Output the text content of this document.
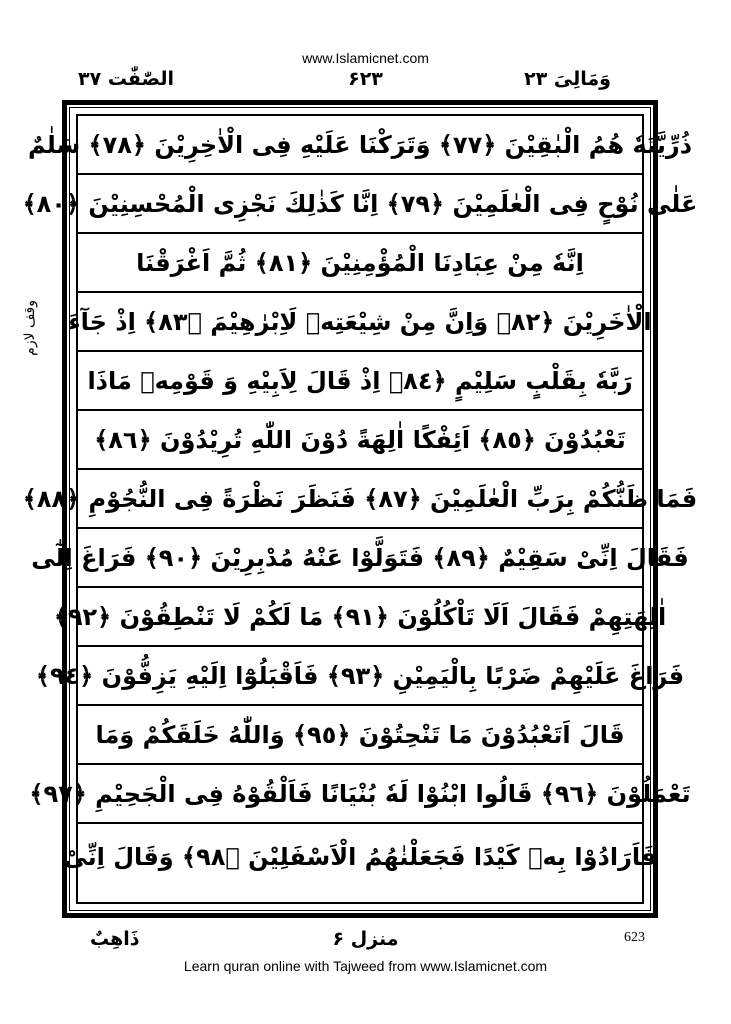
www.Islamicnet.com
الصّٰفّٰت ۳۷	۶۲۳	وَمَالِىَ ۲۳
ذُرِّيَّتَهٗ هُمُ الْبٰقِيْنَ ﴿٧٧﴾ وَتَرَكْنَا عَلَيْهِ فِى الْاٰخِرِيْنَ ﴿٧٨﴾ سَلٰمٌ
عَلٰى نُوْحٍ فِى الْعٰلَمِيْنَ ﴿٧٩﴾ اِنَّا كَذٰلِكَ نَجْزِى الْمُحْسِنِيْنَ ﴿٨٠﴾
اِنَّهٗ مِنْ عِبَادِنَا الْمُؤْمِنِيْنَ ﴿٨١﴾ ثُمَّ اَغْرَقْنَا
الْاٰخَرِيْنَ ﴿٨٢﴾ وَاِنَّ مِنْ شِيْعَتِهٖ لَاِبْرٰهِيْمَ ﴿٨٣﴾ اِذْ جَآءَ
رَبَّهٗ بِقَلْبٍ سَلِيْمٍ ﴿٨٤﴾ اِذْ قَالَ لِاَبِيْهِ وَ قَوْمِهٖ مَاذَا
تَعْبُدُوْنَ ﴿٨٥﴾ اَئِفْكًا اٰلِهَةً دُوْنَ اللّٰهِ تُرِيْدُوْنَ ﴿٨٦﴾
فَمَا ظَنُّكُمْ بِرَبِّ الْعٰلَمِيْنَ ﴿٨٧﴾ فَنَظَرَ نَظْرَةً فِى النُّجُوْمِ ﴿٨٨﴾
فَقَالَ اِنِّىْ سَقِيْمٌ ﴿٨٩﴾ فَتَوَلَّوْا عَنْهُ مُدْبِرِيْنَ ﴿٩٠﴾ فَرَاغَ اِلٰٓى
اٰلِهَتِهِمْ فَقَالَ اَلَا تَاْكُلُوْنَ ﴿٩١﴾ مَا لَكُمْ لَا تَنْطِقُوْنَ ﴿٩٢﴾
فَرَاغَ عَلَيْهِمْ ضَرْبًا بِالْيَمِيْنِ ﴿٩٣﴾ فَاَقْبَلُوْٓا اِلَيْهِ يَزِفُّوْنَ ﴿٩٤﴾
قَالَ اَتَعْبُدُوْنَ مَا تَنْحِتُوْنَ ﴿٩٥﴾ وَاللّٰهُ خَلَقَكُمْ وَمَا
تَعْمَلُوْنَ ﴿٩٦﴾ قَالُوا ابْنُوْا لَهٗ بُنْيَانًا فَاَلْقُوْهُ فِى الْجَحِيْمِ ﴿٩٧﴾
فَاَرَادُوْا بِهٖ كَيْدًا فَجَعَلْنٰهُمُ الْاَسْفَلِيْنَ ﴿٩٨﴾ وَقَالَ اِنِّىْ
وقف لازم
ذَاهِبٌ	منزل ۶	623
Learn quran online with Tajweed from www.Islamicnet.com
